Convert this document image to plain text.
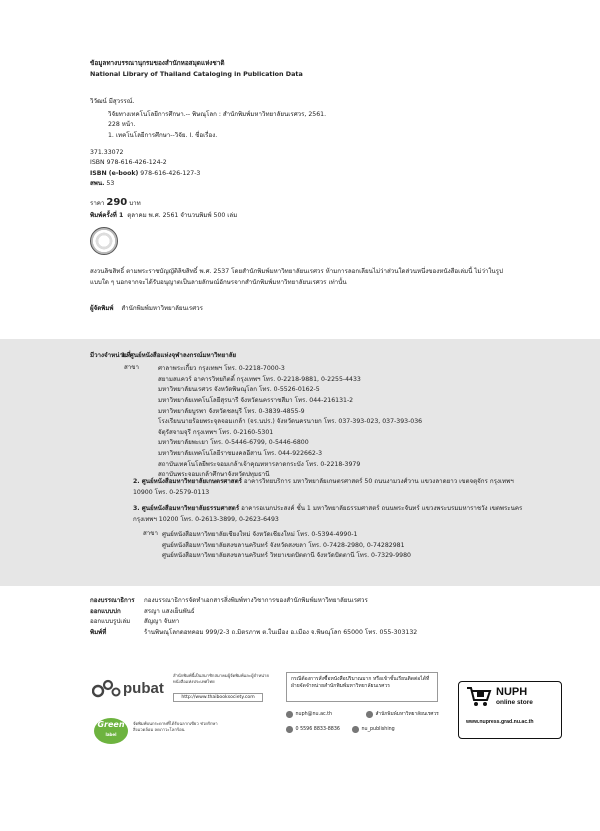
ข้อมูลทางบรรณานุกรมของสำนักหอสมุดแห่งชาติ
National Library of Thailand Cataloging in Publication Data
วิวัฒน์ มีสุวรรณ์.
วิจัยทางเทคโนโลยีการศึกษา.-- พิษณุโลก : สำนักพิมพ์มหาวิทยาลัยนเรศวร, 2561.
228 หน้า.
1. เทคโนโลยีการศึกษา--วิจัย. I. ชื่อเรื่อง.
371.33072
ISBN 978-616-426-124-2
ISBN (e-book) 978-616-426-127-3
สพน. 53
ราคา 290 บาท
พิมพ์ครั้งที่ 1 ตุลาคม พ.ศ. 2561 จำนวนพิมพ์ 500 เล่ม
สงวนลิขสิทธิ์ ตามพระราชบัญญัติลิขสิทธิ์ พ.ศ. 2537 โดยสำนักพิมพ์มหาวิทยาลัยนเรศวร ห้ามการลอกเลียนไม่ว่าส่วนใดส่วนหนึ่งของหนังสือเล่มนี้ ไม่ว่าในรูปแบบใด ๆ นอกจากจะได้รับอนุญาตเป็นลายลักษณ์อักษรจากสำนักพิมพ์มหาวิทยาลัยนเรศวร เท่านั้น
ผู้จัดพิมพ์ สำนักพิมพ์มหาวิทยาลัยนเรศวร
มีวางจำหน่ายที่
1. ศูนย์หนังสือแห่งจุฬาลงกรณ์มหาวิทยาลัย
สาขา	ศาลาพระเกี้ยว กรุงเทพฯ โทร. 0-2218-7000-3
สยามสแควร์ อาคารวิทยกิตติ์ กรุงเทพฯ โทร. 0-2218-9881, 0-2255-4433
มหาวิทยาลัยนเรศวร จังหวัดพิษณุโลก โทร. 0-5526-0162-5
มหาวิทยาลัยเทคโนโลยีสุรนารี จังหวัดนครราชสีมา โทร. 044-216131-2
มหาวิทยาลัยบูรพา จังหวัดชลบุรี โทร. 0-3839-4855-9
โรงเรียนนายร้อยพระจุลจอมเกล้า (จร.นปร.) จังหวัดนครนายก โทร. 037-393-023, 037-393-036
จัตุรัสจามจุรี กรุงเทพฯ โทร. 0-2160-5301
มหาวิทยาลัยพะเยา โทร. 0-5446-6799, 0-5446-6800
มหาวิทยาลัยเทคโนโลยีราชมงคลอีสาน โทร. 044-922662-3
สถาบันเทคโนโลยีพระจอมเกล้าเจ้าคุณทหารลาดกระบัง โทร. 0-2218-3979
สถาบันพระจอมเกล้าศึกษาจังหวัดปทุมธานี
2. ศูนย์หนังสือมหาวิทยาลัยเกษตรศาสตร์ อาคารวิทยบริการ มหาวิทยาลัยเกษตรศาสตร์ 50 ถนนงามวงศ์วาน แขวงลาดยาว เขตจตุจักร กรุงเทพฯ 10900 โทร. 0-2579-0113
3. ศูนย์หนังสือมหาวิทยาลัยธรรมศาสตร์ อาคารอเนกประสงค์ ชั้น 1 มหาวิทยาลัยธรรมศาสตร์ ถนนพระจันทร์ แขวงพระบรมมหาราชวัง เขตพระนคร กรุงเทพฯ 10200 โทร. 0-2613-3899, 0-2623-6493
สาขา ศูนย์หนังสือมหาวิทยาลัยเชียงใหม่ จังหวัดเชียงใหม่ โทร. 0-5394-4990-1
ศูนย์หนังสือมหาวิทยาลัยสงขลานครินทร์ จังหวัดสงขลา โทร. 0-7428-2980, 0-74282981
ศูนย์หนังสือมหาวิทยาลัยสงขลานครินทร์ วิทยาเขตปัตตานี จังหวัดปัตตานี โทร. 0-7329-9980
กองบรรณาธิการ	กองบรรณาธิการจัดทำเอกสารสิ่งพิมพ์ทางวิชาการของสำนักพิมพ์มหาวิทยาลัยนเรศวร
ออกแบบปก	สรญา แสงเย็นพันธ์
ออกแบบรูปเล่ม	สัญญา จันทา
พิมพ์ที่	ร้านพิษณุโลกดอทคอม 999/2-3 ถ.มิตรภาพ ต.ในเมือง อ.เมือง จ.พิษณุโลก 65000 โทร. 055-303132
pubat
สำนักพิมพ์นี้เป็นสมาชิกสมาคมผู้จัดพิมพ์และผู้จำหน่ายหนังสือแห่งประเทศไทย
http://www.thaibooksociety.com
Green
label
จัดพิมพ์บนกระดาษที่ได้รับฉลากเขียว ช่วยรักษาสิ่งแวดล้อม ลดภาวะโลกร้อน
กรณีต้องการสั่งซื้อหนังสือปริมาณมาก หรือเข้าชั้นเรียนติดต่อได้ที่ ฝ่ายจัดจำหน่ายสำนักพิมพ์มหาวิทยาลัยนเรศวร
nuph@nu.ac.th	สำนักพิมพ์มหาวิทยาลัยนเรศวร
0 5596 8833-8836	nu_publishing
NUPH
online store
www.nupress.grad.nu.ac.th
